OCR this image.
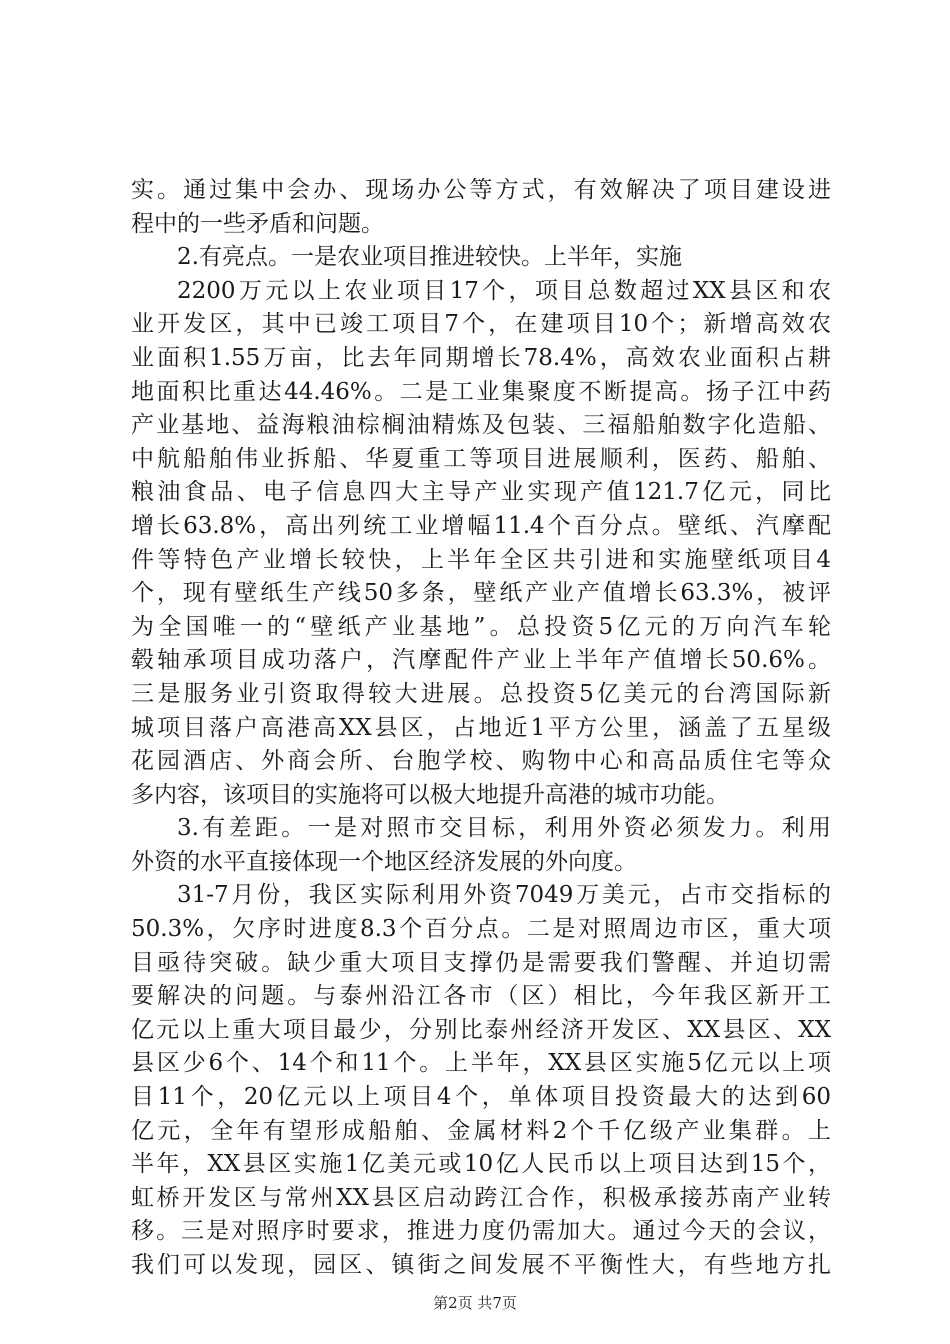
实。通过集中会办、现场办公等方式，有效解决了项目建设进
程中的一些矛盾和问题。
2.有亮点。一是农业项目推进较快。上半年，实施
2200万元以上农业项目17个，项目总数超过XX县区和农
业开发区，其中已竣工项目7个，在建项目10个；新增高效农
业面积1.55万亩，比去年同期增长78.4%，高效农业面积占耕
地面积比重达44.46%。二是工业集聚度不断提高。扬子江中药
产业基地、益海粮油棕榈油精炼及包装、三福船舶数字化造船、
中航船舶伟业拆船、华夏重工等项目进展顺利，医药、船舶、
粮油食品、电子信息四大主导产业实现产值121.7亿元，同比
增长63.8%，高出列统工业增幅11.4个百分点。壁纸、汽摩配
件等特色产业增长较快，上半年全区共引进和实施壁纸项目4
个，现有壁纸生产线50多条，壁纸产业产值增长63.3%，被评
为全国唯一的“壁纸产业基地”。总投资5亿元的万向汽车轮
毂轴承项目成功落户，汽摩配件产业上半年产值增长50.6%。
三是服务业引资取得较大进展。总投资5亿美元的台湾国际新
城项目落户高港高XX县区，占地近1平方公里，涵盖了五星级
花园酒店、外商会所、台胞学校、购物中心和高品质住宅等众
多内容，该项目的实施将可以极大地提升高港的城市功能。
3.有差距。一是对照市交目标，利用外资必须发力。利用
外资的水平直接体现一个地区经济发展的外向度。
31-7月份，我区实际利用外资7049万美元，占市交指标的
50.3%，欠序时进度8.3个百分点。二是对照周边市区，重大项
目亟待突破。缺少重大项目支撑仍是需要我们警醒、并迫切需
要解决的问题。与泰州沿江各市（区）相比，今年我区新开工
亿元以上重大项目最少，分别比泰州经济开发区、XX县区、XX
县区少6个、14个和11个。上半年，XX县区实施5亿元以上项
目11个，20亿元以上项目4个，单体项目投资最大的达到60
亿元，全年有望形成船舶、金属材料2个千亿级产业集群。上
半年，XX县区实施1亿美元或10亿人民币以上项目达到15个，
虹桥开发区与常州XX县区启动跨江合作，积极承接苏南产业转
移。三是对照序时要求，推进力度仍需加大。通过今天的会议，
我们可以发现，园区、镇街之间发展不平衡性大，有些地方扎
第2页 共7页
